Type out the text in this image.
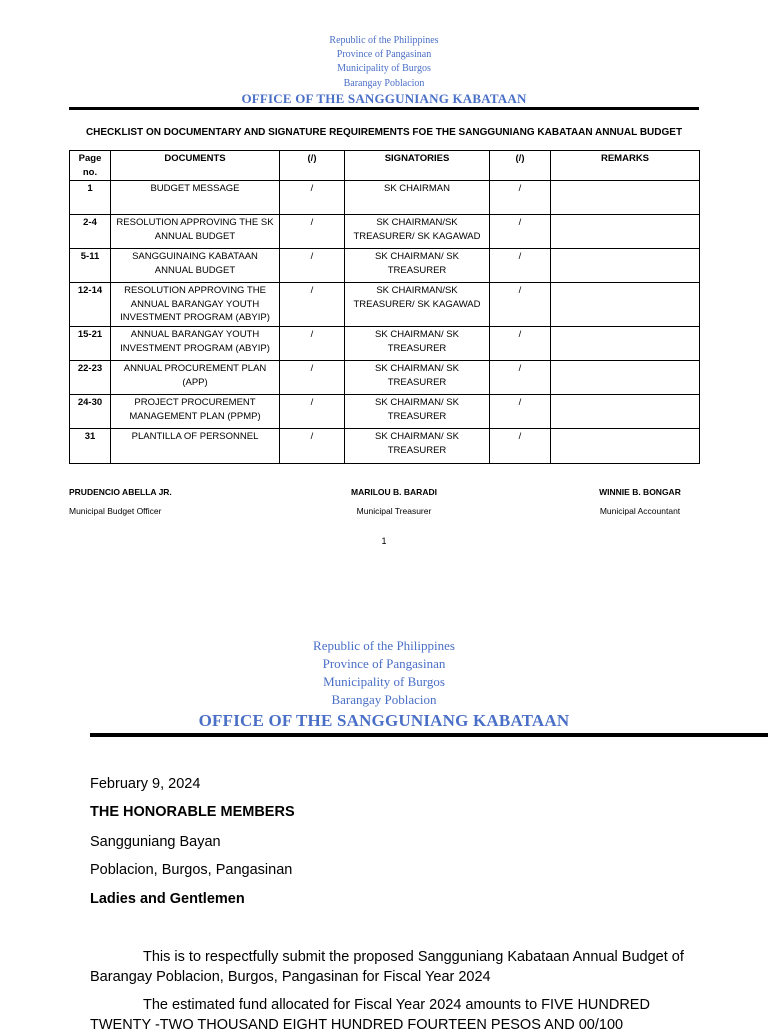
Republic of the Philippines
Province of Pangasinan
Municipality of Burgos
Barangay Poblacion
OFFICE OF THE SANGGUNIANG KABATAAN
CHECKLIST ON DOCUMENTARY AND SIGNATURE REQUIREMENTS FOE THE SANGGUNIANG KABATAAN ANNUAL BUDGET
Page no.	DOCUMENTS	(/)	SIGNATORIES	(/)	REMARKS
1	BUDGET MESSAGE	/	SK CHAIRMAN	/	
2-4	RESOLUTION APPROVING THE SK ANNUAL BUDGET	/	SK CHAIRMAN/SK TREASURER/ SK KAGAWAD	/	
5-11	SANGGUINAING KABATAAN ANNUAL BUDGET	/	SK CHAIRMAN/ SK TREASURER	/	
12-14	RESOLUTION APPROVING THE ANNUAL BARANGAY YOUTH INVESTMENT PROGRAM (ABYIP)	/	SK CHAIRMAN/SK TREASURER/ SK KAGAWAD	/	
15-21	ANNUAL BARANGAY YOUTH INVESTMENT PROGRAM (ABYIP)	/	SK CHAIRMAN/ SK TREASURER	/	
22-23	ANNUAL PROCUREMENT PLAN (APP)	/	SK CHAIRMAN/ SK TREASURER	/	
24-30	PROJECT PROCUREMENT MANAGEMENT PLAN (PPMP)	/	SK CHAIRMAN/ SK TREASURER	/	
31	PLANTILLA OF PERSONNEL	/	SK CHAIRMAN/ SK TREASURER	/	
PRUDENCIO ABELLA JR.
Municipal Budget Officer
MARILOU B. BARADI
Municipal Treasurer
WINNIE B. BONGAR
Municipal Accountant
1
Republic of the Philippines
Province of Pangasinan
Municipality of Burgos
Barangay Poblacion
OFFICE OF THE SANGGUNIANG KABATAAN
February 9, 2024
THE HONORABLE MEMBERS
Sangguniang Bayan
Poblacion, Burgos, Pangasinan
Ladies and Gentlemen
This is to respectfully submit the proposed Sangguniang Kabataan Annual Budget of Barangay Poblacion, Burgos, Pangasinan for Fiscal Year 2024
The estimated fund allocated for Fiscal Year 2024 amounts to FIVE HUNDRED TWENTY -TWO THOUSAND EIGHT HUNDRED FOURTEEN PESOS AND 00/100
